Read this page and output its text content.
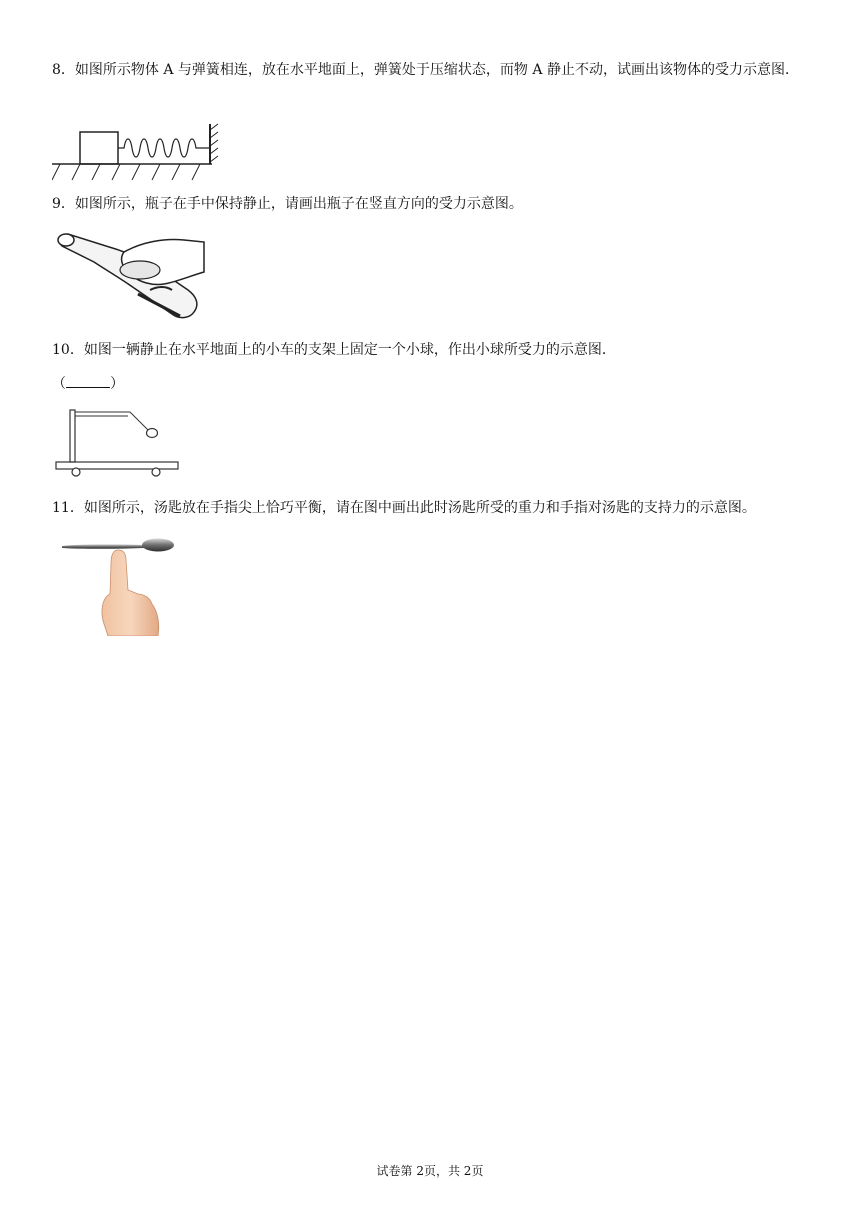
8．如图所示物体 A 与弹簧相连，放在水平地面上，弹簧处于压缩状态，而物 A 静止不动，试画出该物体的受力示意图．
9．如图所示，瓶子在手中保持静止，请画出瓶子在竖直方向的受力示意图。
10．如图一辆静止在水平地面上的小车的支架上固定一个小球，作出小球所受力的示意图．
（	）
11．如图所示，汤匙放在手指尖上恰巧平衡，请在图中画出此时汤匙所受的重力和手指对汤匙的支持力的示意图。
试卷第 2页，共 2页
